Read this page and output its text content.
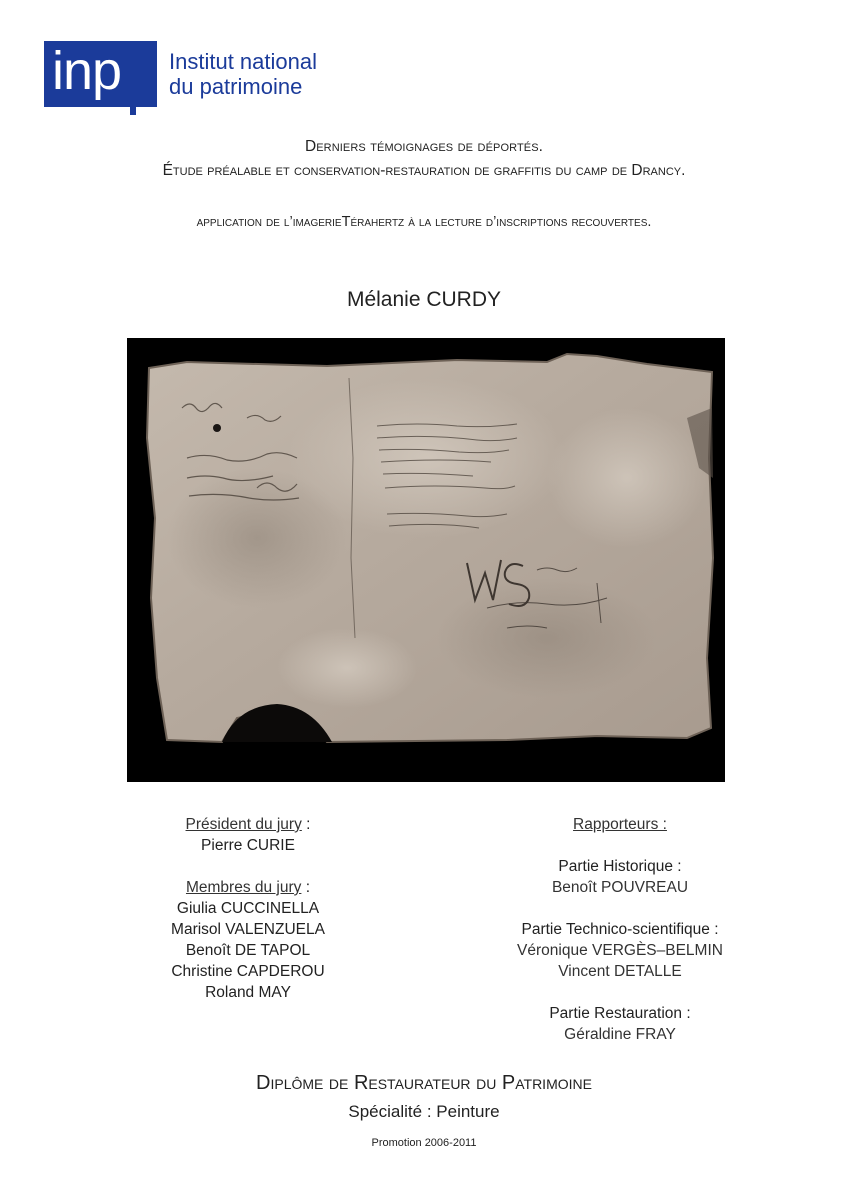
inp Institut national
du patrimoine
Derniers témoignages de déportés.
Étude préalable et conservation-restauration de graffitis du camp de Drancy.
application de l’imagerieTérahertz à la lecture d’inscriptions recouvertes.
Mélanie CURDY
Président du jury :
Pierre CURIE
Membres du jury :
Giulia CUCCINELLA
Marisol VALENZUELA
Benoît DE TAPOL
Christine CAPDEROU
Roland MAY
Rapporteurs :
Partie Historique :
Benoît POUVREAU
Partie Technico-scientifique :
Véronique VERGÈS–BELMIN
Vincent DETALLE
Partie Restauration :
Géraldine FRAY
Diplôme de Restaurateur du Patrimoine
Spécialité : Peinture
Promotion 2006-2011
